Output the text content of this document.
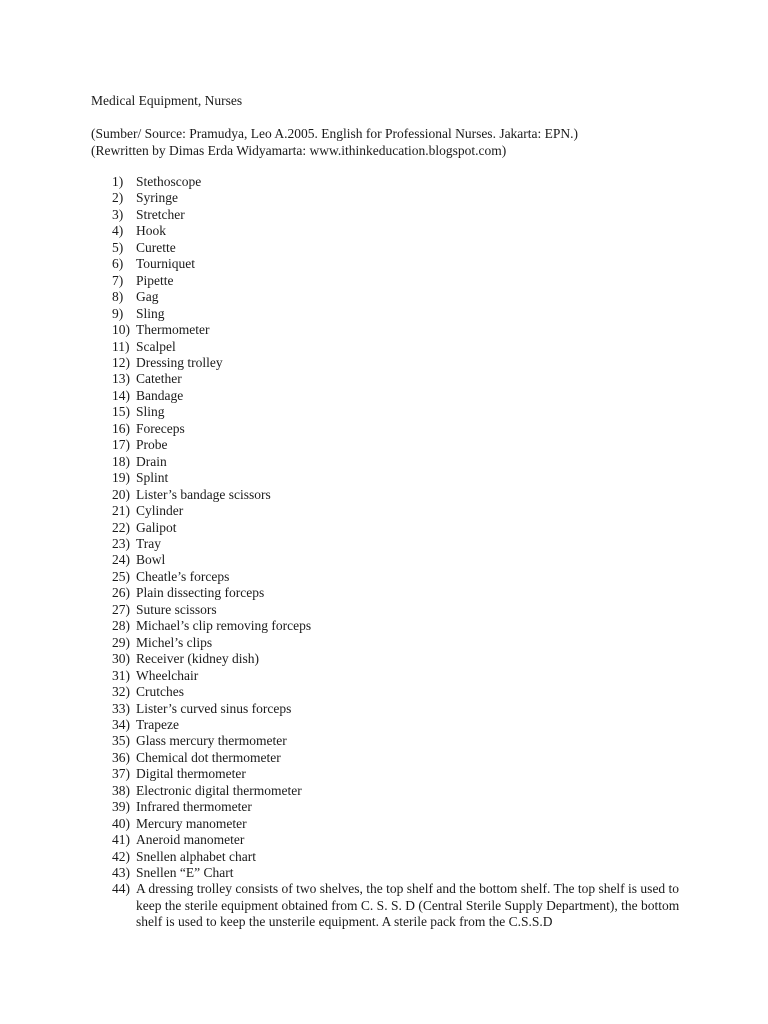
Medical Equipment, Nurses
(Sumber/ Source: Pramudya, Leo A.2005. English for Professional Nurses. Jakarta: EPN.)
(Rewritten by Dimas Erda Widyamarta: www.ithinkeducation.blogspot.com)
1) Stethoscope
2) Syringe
3) Stretcher
4) Hook
5) Curette
6) Tourniquet
7) Pipette
8) Gag
9) Sling
10) Thermometer
11) Scalpel
12) Dressing trolley
13) Catether
14) Bandage
15) Sling
16) Foreceps
17) Probe
18) Drain
19) Splint
20) Lister’s bandage scissors
21) Cylinder
22) Galipot
23) Tray
24) Bowl
25) Cheatle’s forceps
26) Plain dissecting forceps
27) Suture scissors
28) Michael’s clip removing forceps
29) Michel’s clips
30) Receiver (kidney dish)
31) Wheelchair
32) Crutches
33) Lister’s curved sinus forceps
34) Trapeze
35) Glass mercury thermometer
36) Chemical dot thermometer
37) Digital thermometer
38) Electronic digital thermometer
39) Infrared thermometer
40) Mercury manometer
41) Aneroid manometer
42) Snellen alphabet chart
43) Snellen “E” Chart
44) A dressing trolley consists of two shelves, the top shelf and the bottom shelf. The top shelf is used to keep the sterile equipment obtained from C. S. S. D (Central Sterile Supply Department), the bottom shelf is used to keep the unsterile equipment. A sterile pack from the C.S.S.D
